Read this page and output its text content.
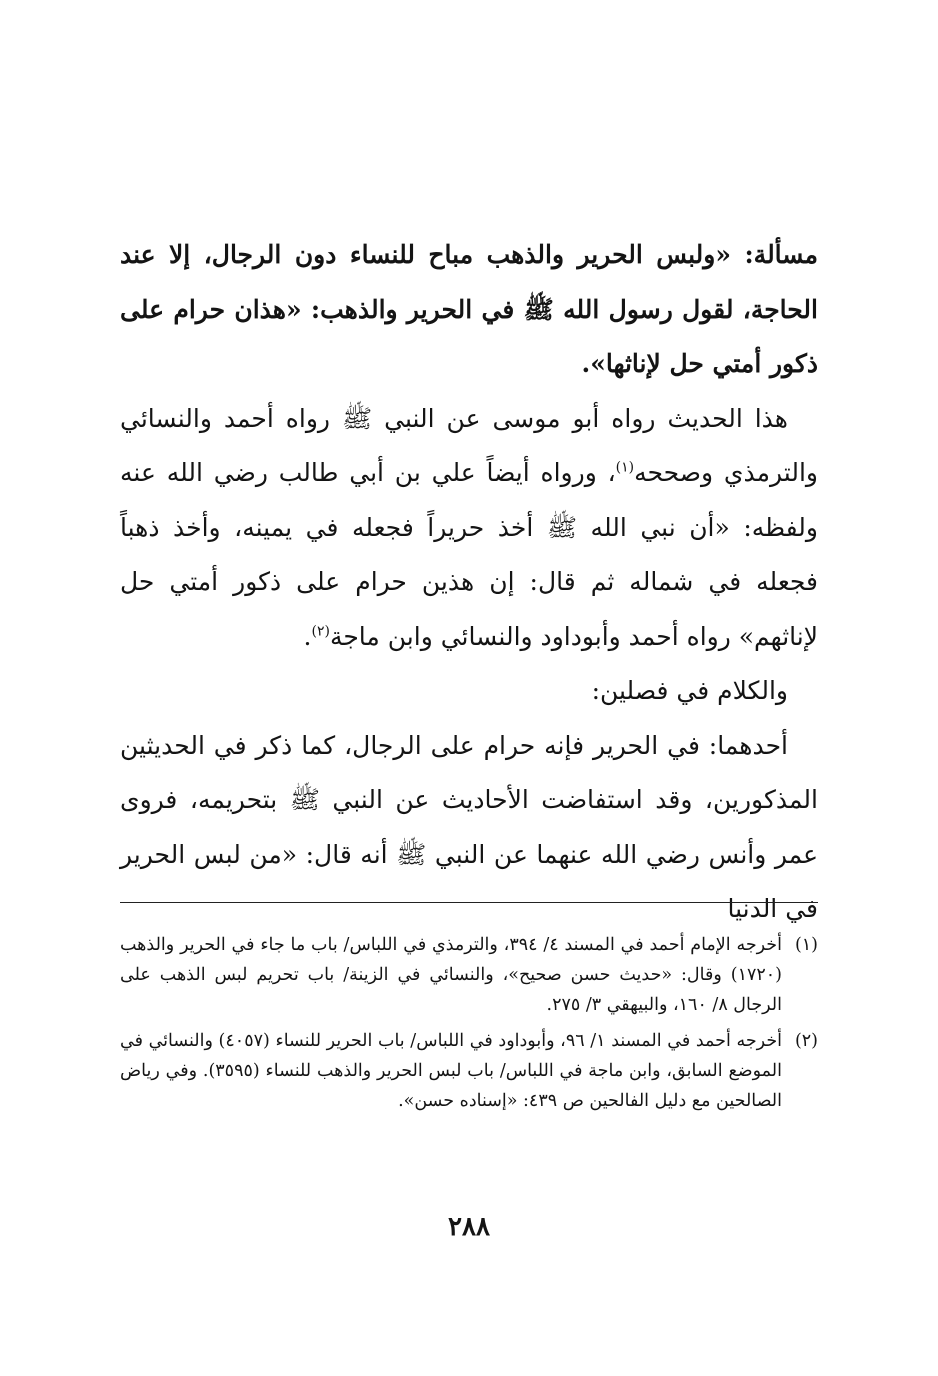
مسألة: «ولبس الحرير والذهب مباح للنساء دون الرجال، إلا عند الحاجة، لقول رسول الله ﷺ في الحرير والذهب: «هذان حرام على ذكور أمتي حل لإناثها».

هذا الحديث رواه أبو موسى عن النبي ﷺ رواه أحمد والنسائي والترمذي وصححه$^{(١)}$، ورواه أيضاً علي بن أبي طالب رضي الله عنه ولفظه: «أن نبي الله ﷺ أخذ حريراً فجعله في يمينه، وأخذ ذهباً فجعله في شماله ثم قال: إن هذين حرام على ذكور أمتي حل لإناثهم» رواه أحمد وأبوداود والنسائي وابن ماجة$^{(٢)}$.

والكلام في فصلين:

أحدهما: في الحرير فإنه حرام على الرجال، كما ذكر في الحديثين المذكورين، وقد استفاضت الأحاديث عن النبي ﷺ بتحريمه، فروى عمر وأنس رضي الله عنهما عن النبي ﷺ أنه قال: «من لبس الحرير في الدنيا

(١)
أخرجه الإمام أحمد في المسند ٤/ ٣٩٤، والترمذي في اللباس/ باب ما جاء في الحرير والذهب (١٧٢٠) وقال: «حديث حسن صحيح»، والنسائي في الزينة/ باب تحريم لبس الذهب على الرجال ٨/ ١٦٠، والبيهقي ٣/ ٢٧٥.

(٢)
أخرجه أحمد في المسند ١/ ٩٦، وأبوداود في اللباس/ باب الحرير للنساء (٤٠٥٧) والنسائي في الموضع السابق، وابن ماجة في اللباس/ باب لبس الحرير والذهب للنساء (٣٥٩٥). وفي رياض الصالحين مع دليل الفالحين ص ٤٣٩: «إسناده حسن».

٢٨٨
